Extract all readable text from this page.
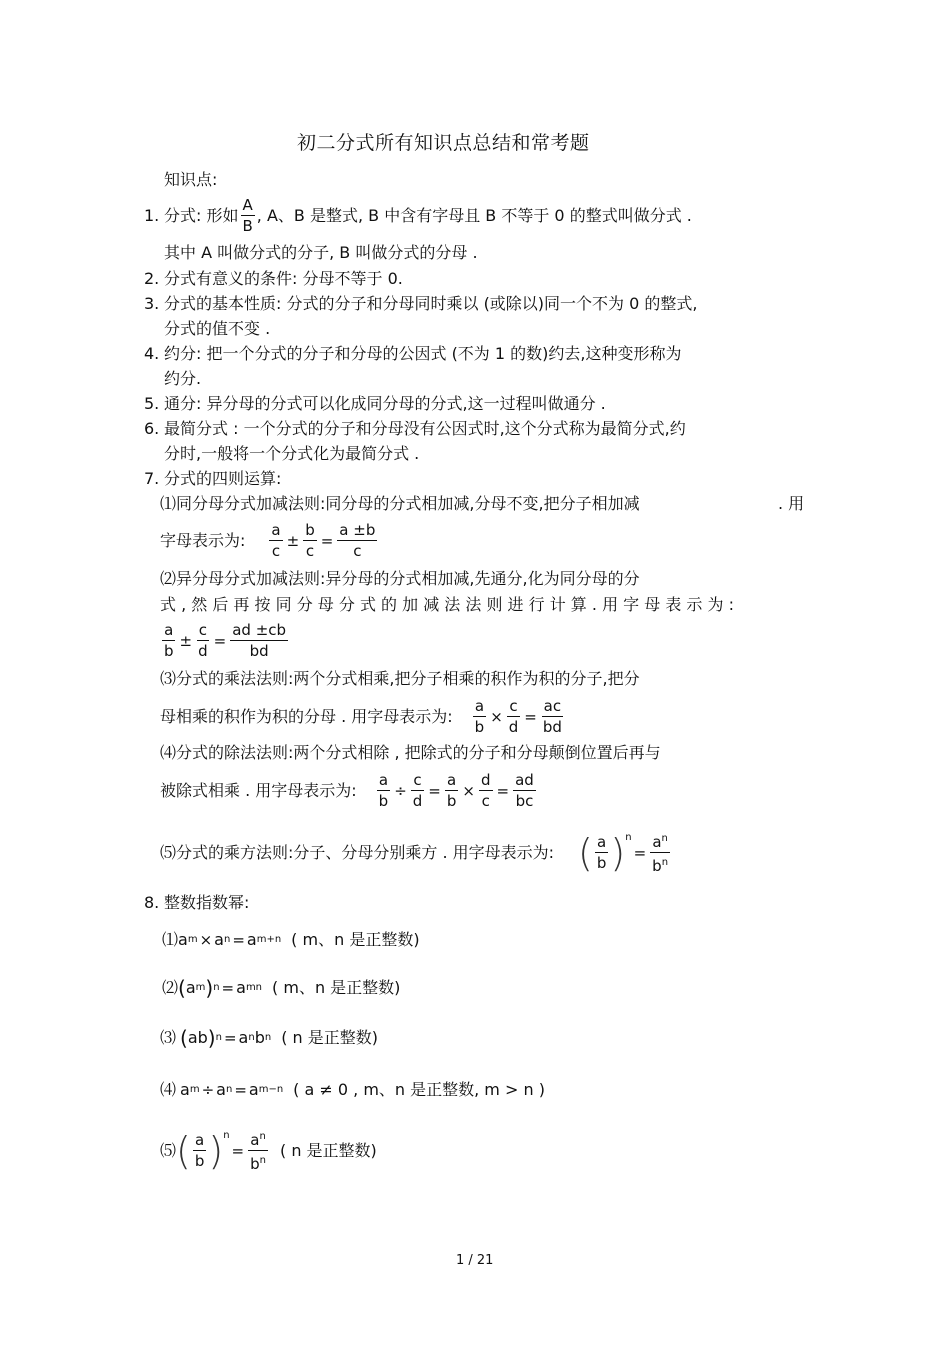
初二分式所有知识点总结和常考题
知识点:
1. 分式: 形如 $\frac{A}{B}$ , A、B 是整式, B 中含有字母且 B 不等于 0 的整式叫做分式 .
其中 A 叫做分式的分子, B 叫做分式的分母 .
2. 分式有意义的条件: 分母不等于 0.
3. 分式的基本性质: 分式的分子和分母同时乘以 (或除以)同一个不为 0 的整式,
分式的值不变 .
4. 约分: 把一个分式的分子和分母的公因式 (不为 1 的数)约去,这种变形称为
约分.
5. 通分: 异分母的分式可以化成同分母的分式,这一过程叫做通分 .
6. 最简分式 : 一个分式的分子和分母没有公因式时,这个分式称为最简分式,约
分时,一般将一个分式化为最简分式 .
7. 分式的四则运算:
⑴同分母分式加减法则:同分母的分式相加减,分母不变,把分子相加减	. 用
字母表示为: $\frac{a}{c} \pm \frac{b}{c} = \frac{a \pm b}{c}$
⑵异分母分式加减法则:异分母的分式相加减,先通分,化为同分母的分
式 , 然 后 再 按 同 分 母 分 式 的 加 减 法 法 则 进 行 计 算 . 用 字 母 表 示 为 :
$\frac{a}{b} \pm \frac{c}{d} = \frac{ad \pm cb}{bd}$
⑶分式的乘法法则:两个分式相乘,把分子相乘的积作为积的分子,把分
母相乘的积作为积的分母 . 用字母表示为: $\frac{a}{b} \times \frac{c}{d} = \frac{ac}{bd}$
⑷分式的除法法则:两个分式相除 , 把除式的分子和分母颠倒位置后再与
被除式相乘 . 用字母表示为: $\frac{a}{b} \div \frac{c}{d} = \frac{a}{b} \times \frac{d}{c} = \frac{ad}{bc}$
⑸分式的乘方法则:分子、分母分别乘方 . 用字母表示为: ( $\frac{a}{b}$ ) n
= $\frac{a^n}{b^n}$
8. 整数指数幂:
⑴ a m × a n = a m+n ( m、n 是正整数)
⑵ ( a m ) n = a mn ( m、n 是正整数)
⑶ ( ab ) n = a n b n ( n 是正整数)
⑷ a m ÷ a n = a m−n ( a ≠ 0 , m、n 是正整数, m > n )
⑸ ( $\frac{a}{b}$ ) n
= $\frac{a^n}{b^n}$ ( n 是正整数)
1 / 21
